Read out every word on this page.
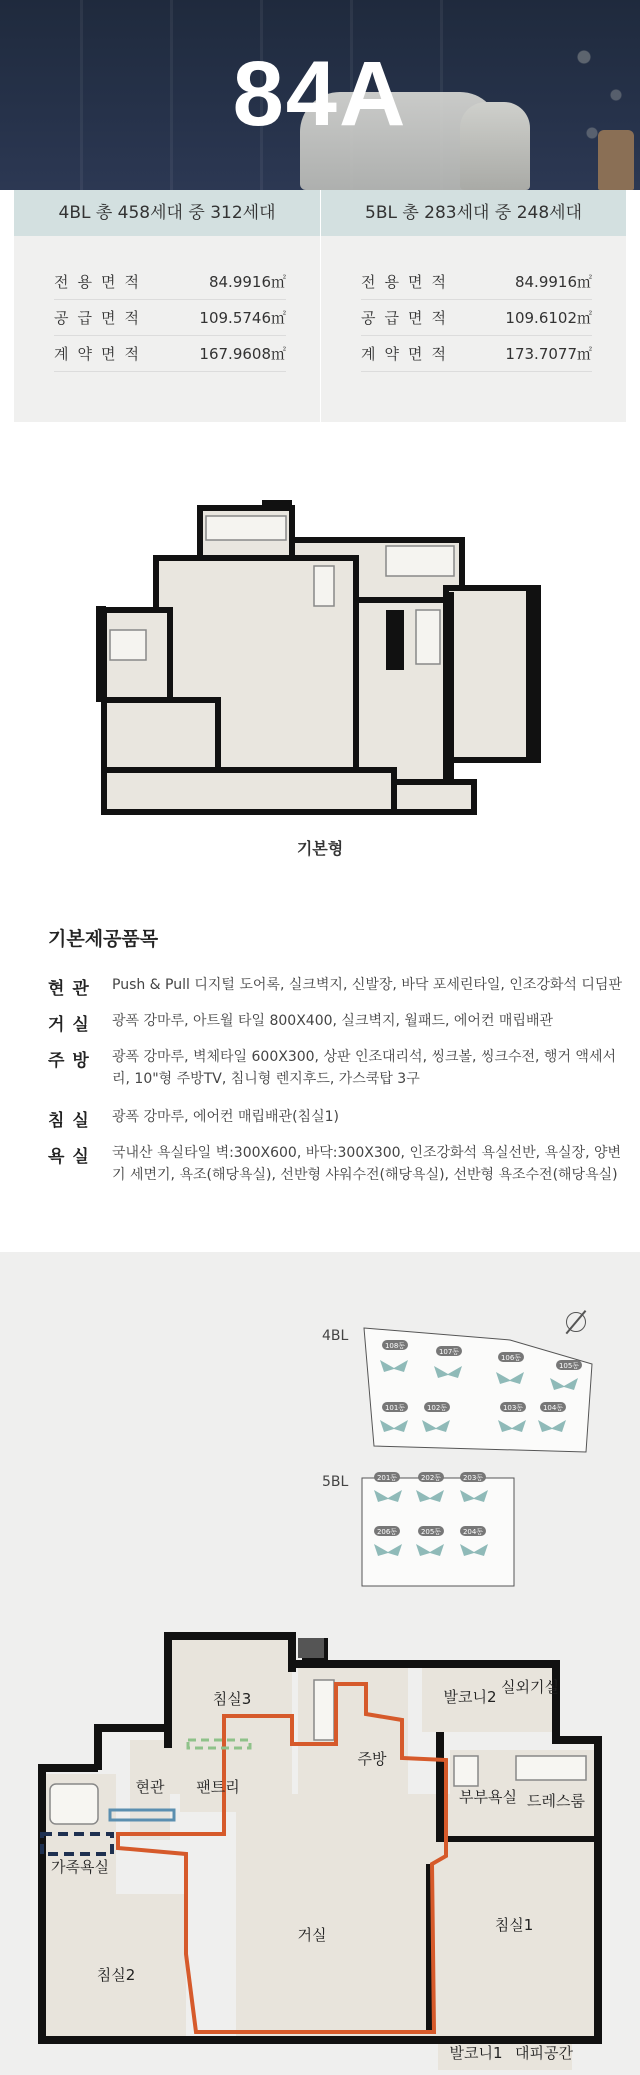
84A
4BL 총 458세대 중 312세대
전용면적	84.9916㎡
공급면적	109.5746㎡
계약면적	167.9608㎡
5BL 총 283세대 중 248세대
전용면적	84.9916㎡
공급면적	109.6102㎡
계약면적	173.7077㎡
기본형
기본제공품목
현관	Push & Pull 디지털 도어록, 실크벽지, 신발장, 바닥 포세린타일, 인조강화석 디딤판
거실	광폭 강마루, 아트월 타일 800X400, 실크벽지, 월패드, 에어컨 매립배관
주방	광폭 강마루, 벽체타일 600X300, 상판 인조대리석, 씽크볼, 씽크수전, 행거 액세서리, 10"형 주방TV, 침니형 렌지후드, 가스쿡탑 3구
침실	광폭 강마루, 에어컨 매립배관(침실1)
욕실	국내산 욕실타일 벽:300X600, 바닥:300X300, 인조강화석 욕실선반, 욕실장, 양변기 세면기, 욕조(해당욕실), 선반형 샤워수전(해당욕실), 선반형 욕조수전(해당욕실)
4BL
108동
107동
106동
105동
101동	102동	103동	104동
5BL	201동	202동	203동
206동	205동	204동
침실3
주방
발코니2
실외기실
현관 팬트리
가족욕실
부부욕실 드레스룸
침실2
거실
침실1
발코니1 대피공간
